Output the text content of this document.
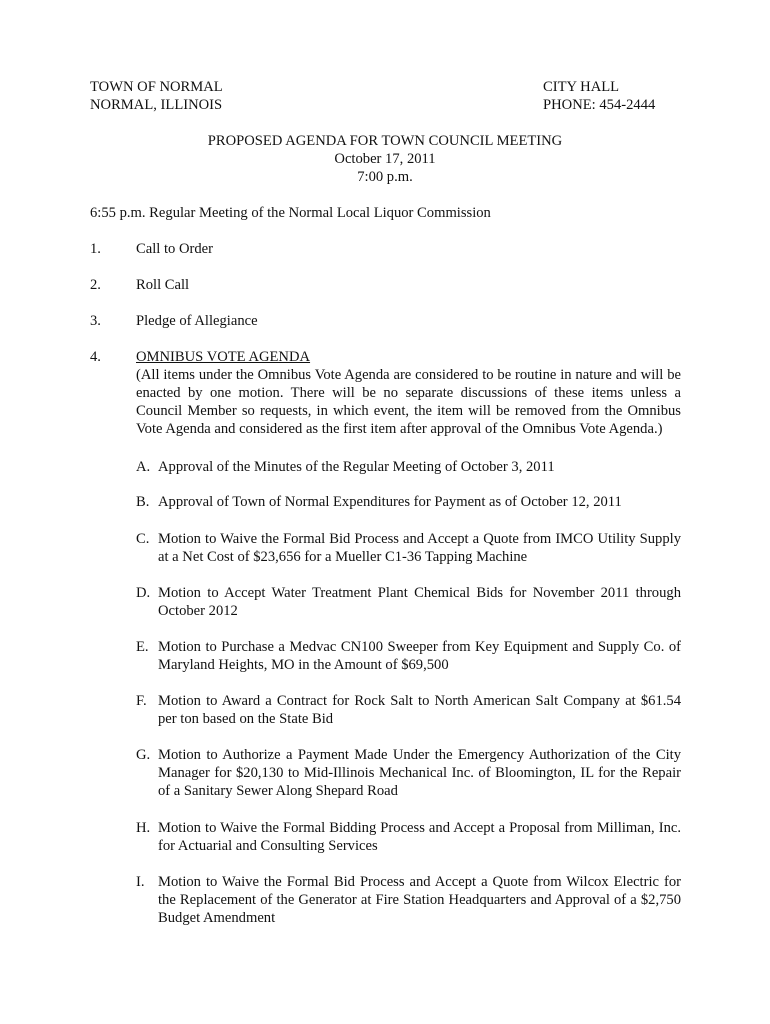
TOWN OF NORMAL
NORMAL, ILLINOIS
CITY HALL
PHONE: 454-2444
PROPOSED AGENDA FOR TOWN COUNCIL MEETING
October 17, 2011
7:00 p.m.
6:55 p.m. Regular Meeting of the Normal Local Liquor Commission
1. Call to Order
2. Roll Call
3. Pledge of Allegiance
4. OMNIBUS VOTE AGENDA
(All items under the Omnibus Vote Agenda are considered to be routine in nature and will be
enacted by one motion. There will be no separate discussions of these items unless a
Council Member so requests, in which event, the item will be removed from the Omnibus
Vote Agenda and considered as the first item after approval of the Omnibus Vote Agenda.)
A. Approval of the Minutes of the Regular Meeting of October 3, 2011
B. Approval of Town of Normal Expenditures for Payment as of October 12, 2011
C. Motion to Waive the Formal Bid Process and Accept a Quote from IMCO Utility Supply
at a Net Cost of $23,656 for a Mueller C1-36 Tapping Machine
D. Motion to Accept Water Treatment Plant Chemical Bids for November 2011 through
October 2012
E. Motion to Purchase a Medvac CN100 Sweeper from Key Equipment and Supply Co. of
Maryland Heights, MO in the Amount of $69,500
F. Motion to Award a Contract for Rock Salt to North American Salt Company at $61.54
per ton based on the State Bid
G. Motion to Authorize a Payment Made Under the Emergency Authorization of the City
Manager for $20,130 to Mid-Illinois Mechanical Inc. of Bloomington, IL for the Repair
of a Sanitary Sewer Along Shepard Road
H. Motion to Waive the Formal Bidding Process and Accept a Proposal from Milliman, Inc.
for Actuarial and Consulting Services
I. Motion to Waive the Formal Bid Process and Accept a Quote from Wilcox Electric for
the Replacement of the Generator at Fire Station Headquarters and Approval of a $2,750
Budget Amendment
